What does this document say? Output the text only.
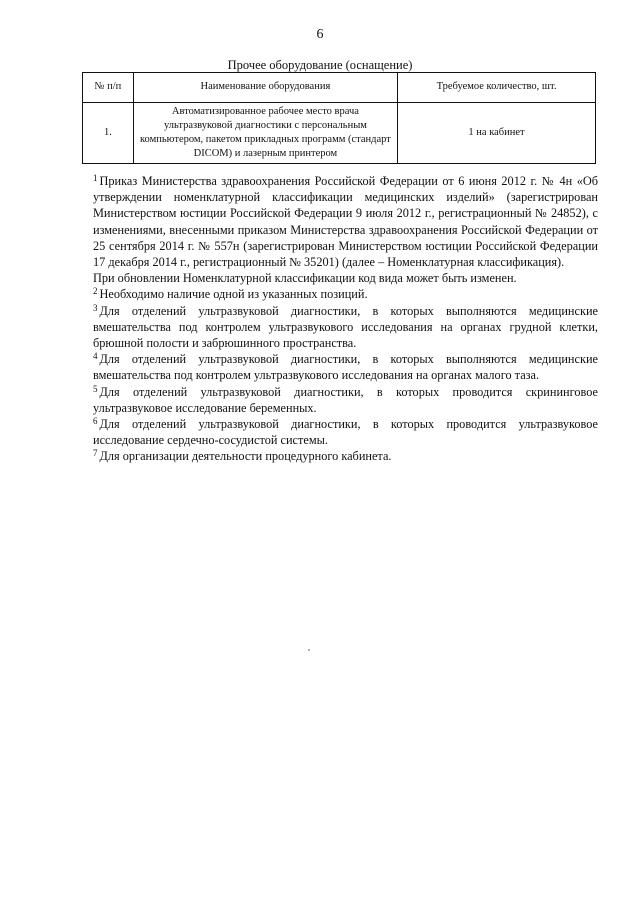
6
Прочее оборудование (оснащение)
№ п/п	Наименование оборудования	Требуемое количество, шт.
1.	Автоматизированное рабочее место врача ультразвуковой диагностики с персональным компьютером, пакетом прикладных программ (стандарт DICOM) и лазерным принтером	1 на кабинет

$^1$ Приказ Министерства здравоохранения Российской Федерации от 6 июня 2012 г. № 4н «Об утверждении номенклатурной классификации медицинских изделий» (зарегистрирован Министерством юстиции Российской Федерации 9 июля 2012 г., регистрационный № 24852), с изменениями, внесенными приказом Министерства здравоохранения Российской Федерации от 25 сентября 2014 г. № 557н (зарегистрирован Министерством юстиции Российской Федерации 17 декабря 2014 г., регистрационный № 35201) (далее – Номенклатурная классификация).

При обновлении Номенклатурной классификации код вида может быть изменен.

$^2$ Необходимо наличие одной из указанных позиций.

$^3$ Для отделений ультразвуковой диагностики, в которых выполняются медицинские вмешательства под контролем ультразвукового исследования на органах грудной клетки, брюшной полости и забрюшинного пространства.

$^4$ Для отделений ультразвуковой диагностики, в которых выполняются медицинские вмешательства под контролем ультразвукового исследования на органах малого таза.

$^5$ Для отделений ультразвуковой диагностики, в которых проводится скрининговое ультразвуковое исследование беременных.

$^6$ Для отделений ультразвуковой диагностики, в которых проводится ультразвуковое исследование сердечно-сосудистой системы.

$^7$ Для организации деятельности процедурного кабинета.
